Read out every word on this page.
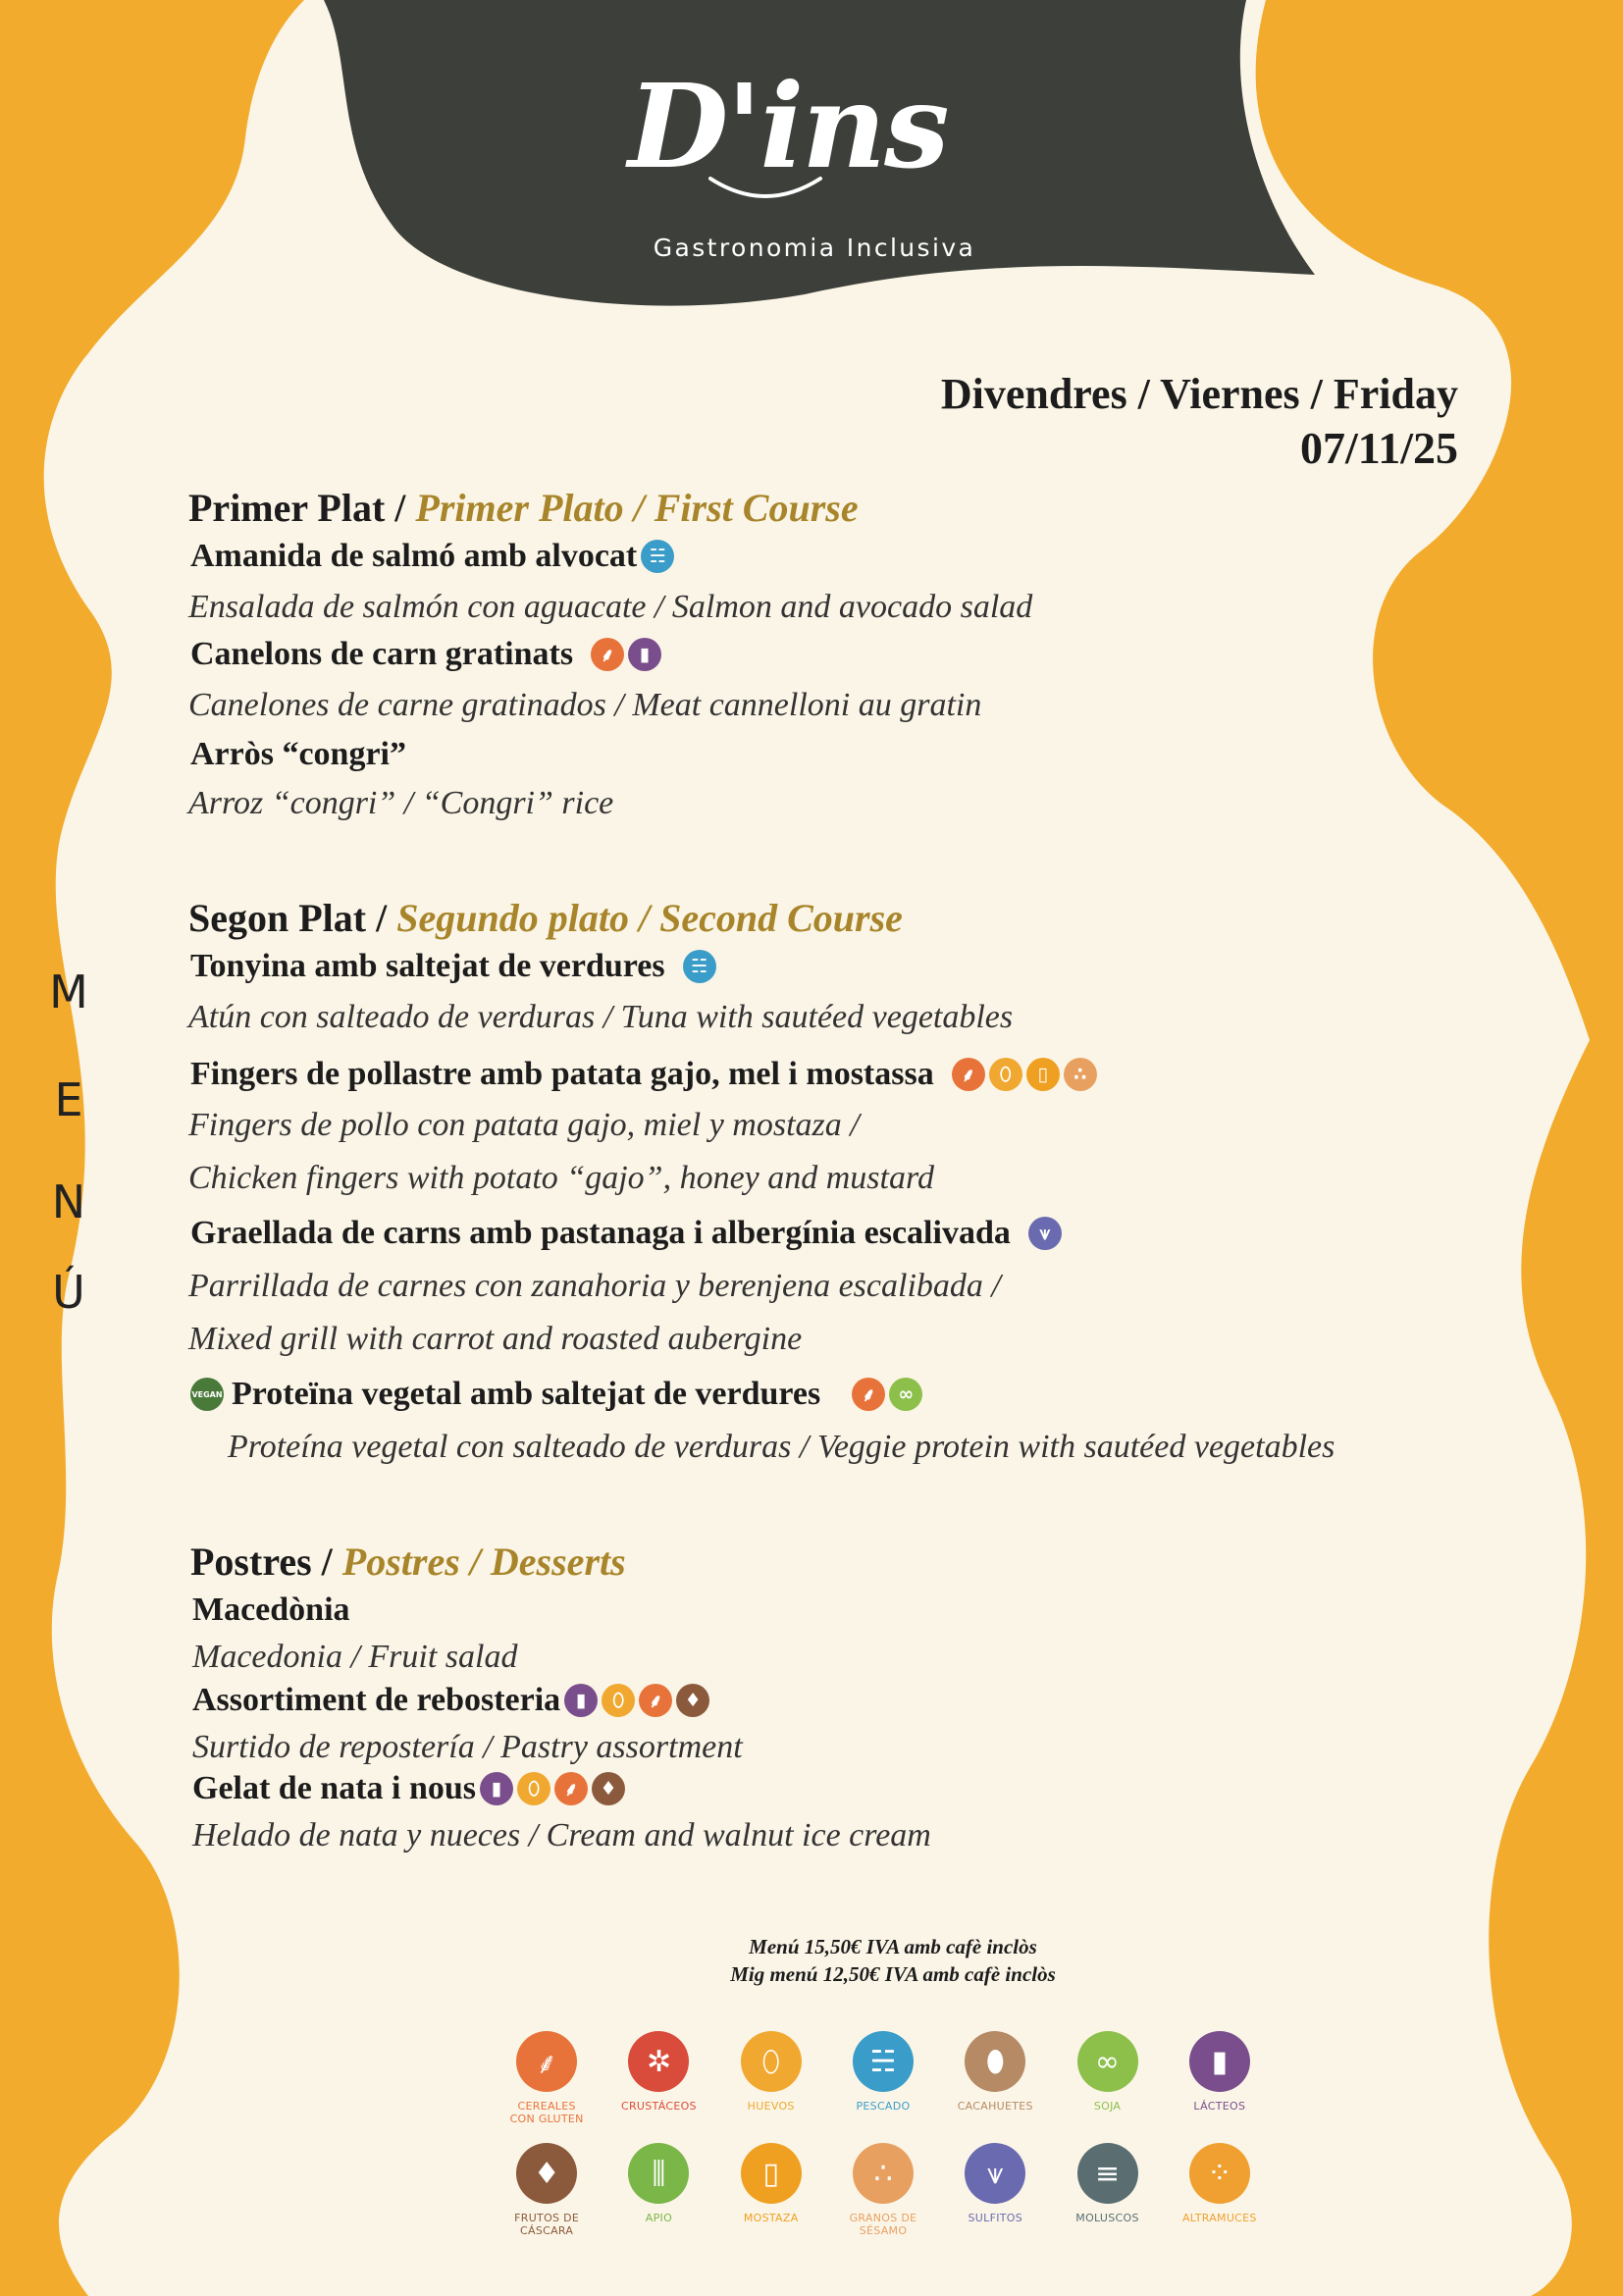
D'ins
Gastronomia Inclusiva
Divendres / Viernes / Friday
07/11/25
M
E
N
Ú
Primer Plat / Primer Plato / First Course
Amanida de salmó amb alvocat ☵
Ensalada de salmón con aguacate / Salmon and avocado salad
Canelons de carn gratinats	⸙	▮
Canelones de carne gratinados / Meat cannelloni au gratin
Arròs “congri”
Arroz “congri” / “Congri” rice
Segon Plat / Segundo plato / Second Course
Tonyina amb saltejat de verdures	☵
Atún con salteado de verduras / Tuna with sautéed vegetables
Fingers de pollastre amb patata gajo, mel i mostassa	⸙	⬯	▯	∴
Fingers de pollo con patata gajo, miel y mostaza /
Chicken fingers with potato “gajo”, honey and mustard
Graellada de carns amb pastanaga i albergínia escalivada	⩛
Parrillada de carnes con zanahoria y berenjena escalibada /
Mixed grill with carrot and roasted aubergine
VEGAN Proteïna vegetal amb saltejat de verdures	⸙	∞
Proteína vegetal con salteado de verduras / Veggie protein with sautéed vegetables
Postres / Postres / Desserts
Macedònia
Macedonia / Fruit salad
Assortiment de rebosteria ▮	⬯	⸙	♦
Surtido de repostería / Pastry assortment
Gelat de nata i nous ▮	⬯	⸙	♦
Helado de nata y nueces / Cream and walnut ice cream
Menú 15,50€ IVA amb cafè inclòs
Mig menú 12,50€ IVA amb cafè inclòs
⸙
CEREALES
CON GLUTEN
✲
CRUSTÁCEOS
⬯
HUEVOS
☵
PESCADO
⬮
CACAHUETES
∞
SOJA
▮
LÁCTEOS
♦
FRUTOS DE
CÁSCARA
⫼
APIO
▯
MOSTAZA
∴
GRANOS DE
SÉSAMO
⩛
SULFITOS
≡
MOLUSCOS
⁘
ALTRAMUCES
